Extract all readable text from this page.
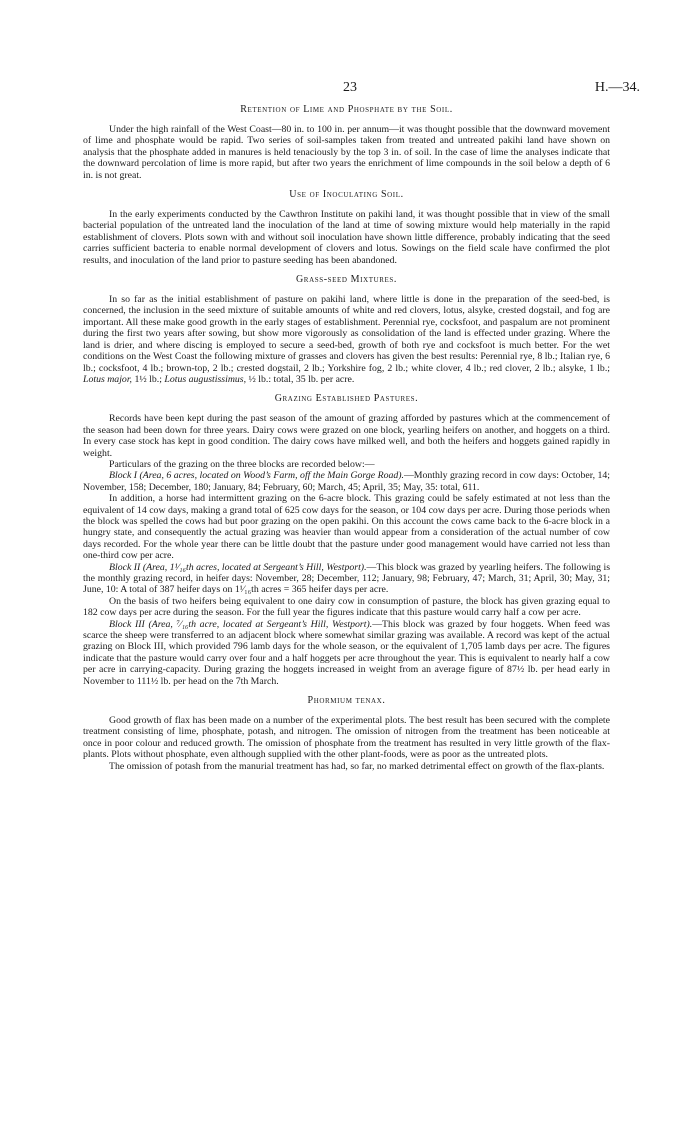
23	H.—34.
Retention of Lime and Phosphate by the Soil.

Under the high rainfall of the West Coast—80 in. to 100 in. per annum—it was thought possible that the downward movement of lime and phosphate would be rapid. Two series of soil-samples taken from treated and untreated pakihi land have shown on analysis that the phosphate added in manures is held tenaciously by the top 3 in. of soil. In the case of lime the analyses indicate that the downward percolation of lime is more rapid, but after two years the enrichment of lime compounds in the soil below a depth of 6 in. is not great.

Use of Inoculating Soil.

In the early experiments conducted by the Cawthron Institute on pakihi land, it was thought possible that in view of the small bacterial population of the untreated land the inoculation of the land at time of sowing mixture would help materially in the rapid establishment of clovers. Plots sown with and without soil inoculation have shown little difference, probably indicating that the seed carries sufficient bacteria to enable normal development of clovers and lotus. Sowings on the field scale have confirmed the plot results, and inoculation of the land prior to pasture seeding has been abandoned.

Grass-seed Mixtures.

In so far as the initial establishment of pasture on pakihi land, where little is done in the preparation of the seed-bed, is concerned, the inclusion in the seed mixture of suitable amounts of white and red clovers, lotus, alsyke, crested dogstail, and fog are important. All these make good growth in the early stages of establishment. Perennial rye, cocksfoot, and paspalum are not prominent during the first two years after sowing, but show more vigorously as consolidation of the land is effected under grazing. Where the land is drier, and where discing is employed to secure a seed-bed, growth of both rye and cocksfoot is much better. For the wet conditions on the West Coast the following mixture of grasses and clovers has given the best results: Perennial rye, 8 lb.; Italian rye, 6 lb.; cocksfoot, 4 lb.; brown-top, 2 lb.; crested dogstail, 2 lb.; Yorkshire fog, 2 lb.; white clover, 4 lb.; red clover, 2 lb.; alsyke, 1 lb.; Lotus major, 1½ lb.; Lotus augustissimus, ½ lb.: total, 35 lb. per acre.

Grazing Established Pastures.

Records have been kept during the past season of the amount of grazing afforded by pastures which at the commencement of the season had been down for three years. Dairy cows were grazed on one block, yearling heifers on another, and hoggets on a third. In every case stock has kept in good condition. The dairy cows have milked well, and both the heifers and hoggets gained rapidly in weight.

Particulars of the grazing on the three blocks are recorded below:—

Block I (Area, 6 acres, located on Wood’s Farm, off the Main Gorge Road).—Monthly grazing record in cow days: October, 14; November, 158; December, 180; January, 84; February, 60; March, 45; April, 35; May, 35: total, 611.

In addition, a horse had intermittent grazing on the 6-acre block. This grazing could be safely estimated at not less than the equivalent of 14 cow days, making a grand total of 625 cow days for the season, or 104 cow days per acre. During those periods when the block was spelled the cows had but poor grazing on the open pakihi. On this account the cows came back to the 6-acre block in a hungry state, and consequently the actual grazing was heavier than would appear from a consideration of the actual number of cow days recorded. For the whole year there can be little doubt that the pasture under good management would have carried not less than one-third cow per acre.

Block II (Area, 1¹⁄₁₆th acres, located at Sergeant’s Hill, Westport).—This block was grazed by yearling heifers. The following is the monthly grazing record, in heifer days: November, 28; December, 112; January, 98; February, 47; March, 31; April, 30; May, 31; June, 10: A total of 387 heifer days on 1¹⁄₁₆th acres = 365 heifer days per acre.

On the basis of two heifers being equivalent to one dairy cow in consumption of pasture, the block has given grazing equal to 182 cow days per acre during the season. For the full year the figures indicate that this pasture would carry half a cow per acre.

Block III (Area, ⁷⁄₁₆th acre, located at Sergeant’s Hill, Westport).—This block was grazed by four hoggets. When feed was scarce the sheep were transferred to an adjacent block where somewhat similar grazing was available. A record was kept of the actual grazing on Block III, which provided 796 lamb days for the whole season, or the equivalent of 1,705 lamb days per acre. The figures indicate that the pasture would carry over four and a half hoggets per acre throughout the year. This is equivalent to nearly half a cow per acre in carrying-capacity. During grazing the hoggets increased in weight from an average figure of 87½ lb. per head early in November to 111½ lb. per head on the 7th March.

Phormium tenax.

Good growth of flax has been made on a number of the experimental plots. The best result has been secured with the complete treatment consisting of lime, phosphate, potash, and nitrogen. The omission of nitrogen from the treatment has been noticeable at once in poor colour and reduced growth. The omission of phosphate from the treatment has resulted in very little growth of the flax-plants. Plots without phosphate, even although supplied with the other plant-foods, were as poor as the untreated plots.

The omission of potash from the manurial treatment has had, so far, no marked detrimental effect on growth of the flax-plants.
